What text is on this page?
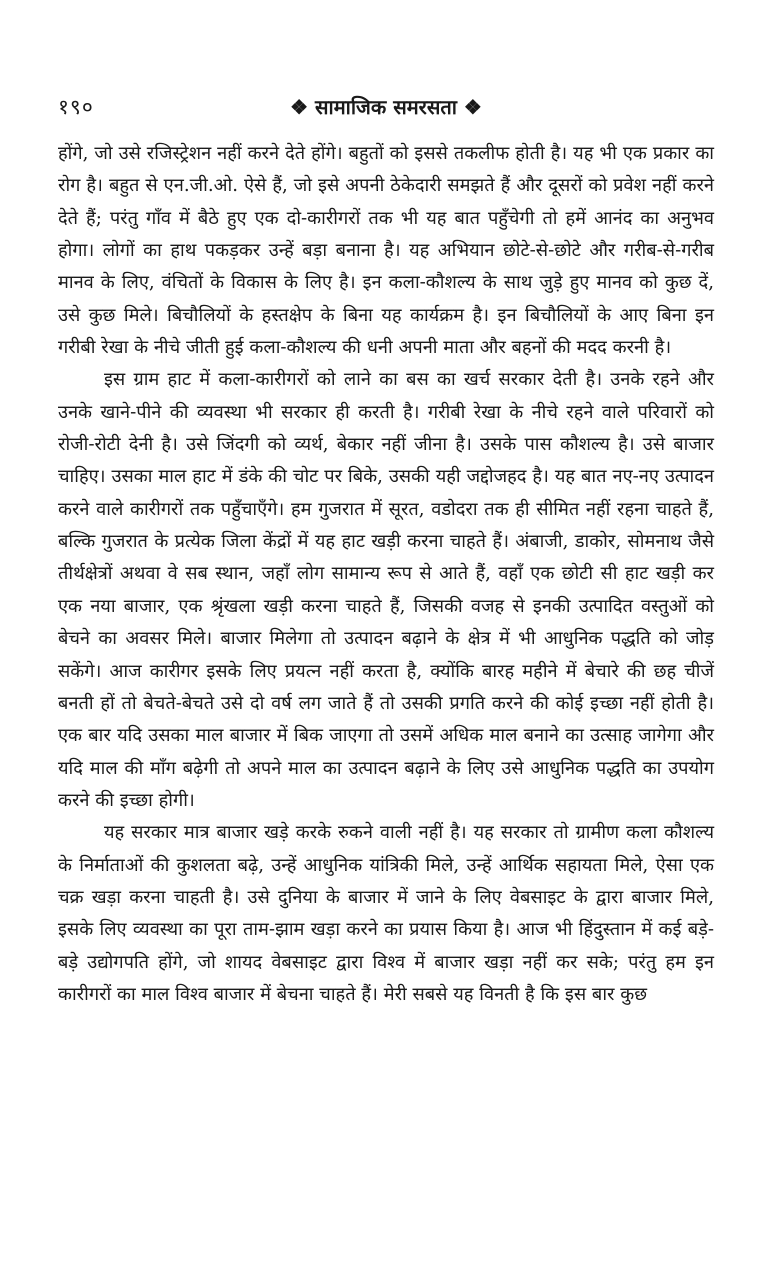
१९०	❖ सामाजिक समरसता ❖

होंगे, जो उसे रजिस्ट्रेशन नहीं करने देते होंगे। बहुतों को इससे तकलीफ होती है। यह भी एक प्रकार का रोग है। बहुत से एन.जी.ओ. ऐसे हैं, जो इसे अपनी ठेकेदारी समझते हैं और दूसरों को प्रवेश नहीं करने देते हैं; परंतु गाँव में बैठे हुए एक दो-कारीगरों तक भी यह बात पहुँचेगी तो हमें आनंद का अनुभव होगा। लोगों का हाथ पकड़कर उन्हें बड़ा बनाना है। यह अभियान छोटे-से-छोटे और गरीब-से-गरीब मानव के लिए, वंचितों के विकास के लिए है। इन कला-कौशल्य के साथ जुड़े हुए मानव को कुछ दें, उसे कुछ मिले। बिचौलियों के हस्तक्षेप के बिना यह कार्यक्रम है। इन बिचौलियों के आए बिना इन गरीबी रेखा के नीचे जीती हुई कला-कौशल्य की धनी अपनी माता और बहनों की मदद करनी है।

इस ग्राम हाट में कला-कारीगरों को लाने का बस का खर्च सरकार देती है। उनके रहने और उनके खाने-पीने की व्यवस्था भी सरकार ही करती है। गरीबी रेखा के नीचे रहने वाले परिवारों को रोजी-रोटी देनी है। उसे जिंदगी को व्यर्थ, बेकार नहीं जीना है। उसके पास कौशल्य है। उसे बाजार चाहिए। उसका माल हाट में डंके की चोट पर बिके, उसकी यही जद्दोजहद है। यह बात नए-नए उत्पादन करने वाले कारीगरों तक पहुँचाएँगे। हम गुजरात में सूरत, वडोदरा तक ही सीमित नहीं रहना चाहते हैं, बल्कि गुजरात के प्रत्येक जिला केंद्रों में यह हाट खड़ी करना चाहते हैं। अंबाजी, डाकोर, सोमनाथ जैसे तीर्थक्षेत्रों अथवा वे सब स्थान, जहाँ लोग सामान्य रूप से आते हैं, वहाँ एक छोटी सी हाट खड़ी कर एक नया बाजार, एक श्रृंखला खड़ी करना चाहते हैं, जिसकी वजह से इनकी उत्पादित वस्तुओं को बेचने का अवसर मिले। बाजार मिलेगा तो उत्पादन बढ़ाने के क्षेत्र में भी आधुनिक पद्धति को जोड़ सकेंगे। आज कारीगर इसके लिए प्रयत्न नहीं करता है, क्योंकि बारह महीने में बेचारे की छह चीजें बनती हों तो बेचते-बेचते उसे दो वर्ष लग जाते हैं तो उसकी प्रगति करने की कोई इच्छा नहीं होती है। एक बार यदि उसका माल बाजार में बिक जाएगा तो उसमें अधिक माल बनाने का उत्साह जागेगा और यदि माल की माँग बढ़ेगी तो अपने माल का उत्पादन बढ़ाने के लिए उसे आधुनिक पद्धति का उपयोग करने की इच्छा होगी।

यह सरकार मात्र बाजार खड़े करके रुकने वाली नहीं है। यह सरकार तो ग्रामीण कला कौशल्य के निर्माताओं की कुशलता बढ़े, उन्हें आधुनिक यांत्रिकी मिले, उन्हें आर्थिक सहायता मिले, ऐसा एक चक्र खड़ा करना चाहती है। उसे दुनिया के बाजार में जाने के लिए वेबसाइट के द्वारा बाजार मिले, इसके लिए व्यवस्था का पूरा ताम-झाम खड़ा करने का प्रयास किया है। आज भी हिंदुस्तान में कई बड़े-बड़े उद्योगपति होंगे, जो शायद वेबसाइट द्वारा विश्व में बाजार खड़ा नहीं कर सके; परंतु हम इन कारीगरों का माल विश्व बाजार में बेचना चाहते हैं। मेरी सबसे यह विनती है कि इस बार कुछ
